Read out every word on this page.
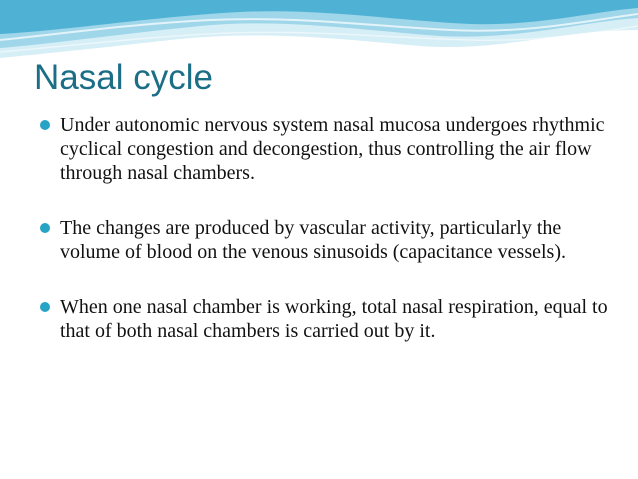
Nasal cycle
Under autonomic nervous system nasal mucosa undergoes rhythmic cyclical congestion and decongestion, thus controlling the air flow through nasal chambers.
The changes are produced by vascular activity, particularly the volume of blood on the venous sinusoids (capacitance vessels).
When one nasal chamber is working, total nasal respiration, equal to that of both nasal chambers is carried out by it.
